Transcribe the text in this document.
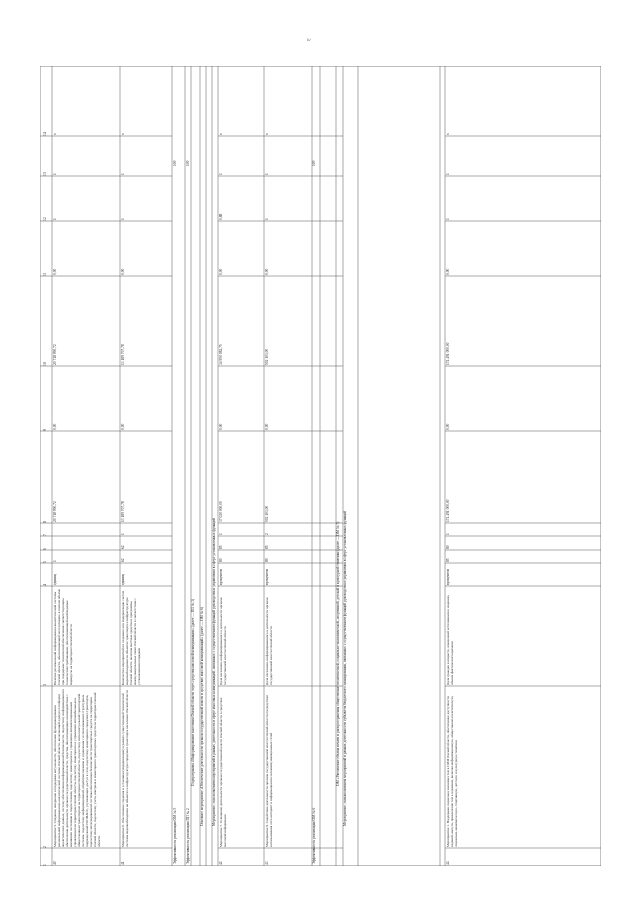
3
1
2
3
4
5
6
7
8
9
10
11
12
13
14
40
Мероприятие 5. Создание, внедрение и поддержка актуальности, обеспечение функционирования региональной информационно-аналитической системы Омской области, включающей единую платформу аналитических данных, систему обеспечения информационной безопасности, подсистему информационного обеспечения деятельности органов государственной власти, средства, обеспечивающие взаимодействие с внешними системами и подсистемами, подсистему мониторинга и управления автоматизированным управлением на территории Омской области, подсистему мониторинга и управления автомобильным и общественным транспортом на территории Омской области, подсистему интеллектуальной транспортной системы, подсистему информационной, обработки вызовов и управления с использованием структурных подразделений ГЛОНАСС, улучшающих доступ к сети, подсистему мониторинга городского транспорта, подсистему интегрированной системы обеспечения безопасности транспортных средств на территории Омской области, подсистему учета, контроля и мониторинга транспортных средств на территории Омской области
Наличие региональной информационно-аналитической системы Омской области, обеспечивающей эксплуатацию в полном объеме при поддержке технической обеспечения соответствующим техническим требованиям, обеспечивающей необходимые маршруты на территории Омской области
единиц
1
20 718 990,72
0,00
20 718 990,72
0,00
1
1
х
41
Мероприятие 6. Обеспечение создания и установки (модернизации) в рамках существующей технической системы видеонаблюдения на объектах и инфраструктуре городского транспорта населения Омской области
Количество мероприятий по созданию или модернизации систем видеонаблюдения на объектах транспорта и инфраструктуре Омской области, включая местные средства и программы, межмуниципальные связи Омской области в соответствии с установленным порядком
единиц
62
62
1
13 189 707,78
0,00
13 189 707,78
0,00
1
1
х
Эффективность реализации ОМ № 5
100
Эффективность реализации ПП № 2
100
Подпрограмма «Информирование населения Омской области через средства массовой коммуникации» (далее — ПП № 3)	Основное мероприятие «Обеспечение деятельности органов государственной власти в средствах массовой коммуникаций» (далее — ОМ № 6)	Мероприятие, за исполнением мероприятий в рамках деятельности в сфере массовых коммуникаций, связанных с осуществлением функций руководства и управления в сфере установленных функций
42
Мероприятие 7. Освещение деятельности органов государственной власти Омской области в средствах массовой информации
Доля населения, информированного о деятельности органов государственной власти Омской области
процентов
80
85
1
37 020 000,00
0,00
34 950 082,75
0,00
0,88
1
х
43
Мероприятие 8. Содействие деятельности органов государственной власти Омской области посредством использования сети интернет и информационно-телекоммуникационных сетей
Доля населения, информированного о деятельности органов государственной власти Омской области
процентов
89
85
2
502 103,00
0,00
502 103,00
0,00
1
1
х
Эффективность реализации ОМ № 6
100
ОМ «Увеличение объема печати и распространения общественно-политической, социально-экономической, спортивной, детской и культурной тематики (далее — ОМ № 7) Мероприятие, за выполнением мероприятий в рамках деятельности субъектов бюджетного планирования, связанных с осуществлением функций руководства и управления в сфере установленных функций
44
Мероприятие 1. Поддержка социально значимых тем в СМИ Омской области, обеспечение доступности изданий, выпуск, привлечение тем к изданиям, включая информационную, общественно-политическую, социально-экономическую, спортивную, детскую и культурную тематики
Доля граждан в возрасте, охваченной источниками к изданию, объеме фактического времени
процентов
85
80
1
174 491 000,00
0,00
174 491 000,00
0,00
1
1
х
